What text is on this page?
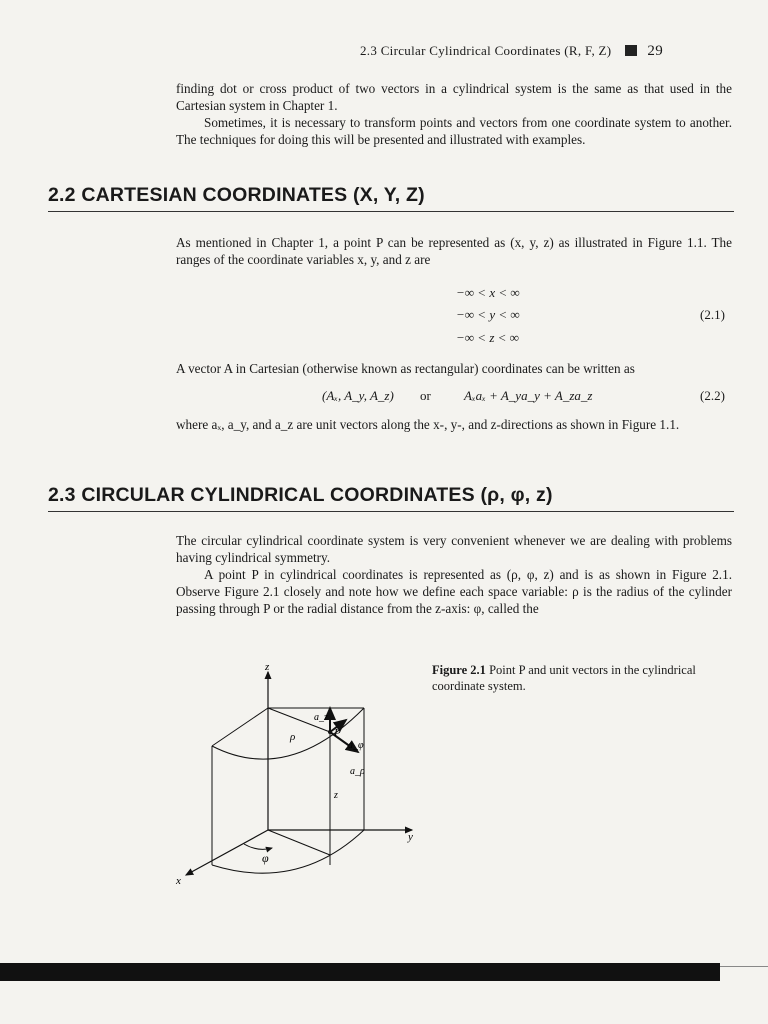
2.3 Circular Cylindrical Coordinates (R, F, Z) 29

finding dot or cross product of two vectors in a cylindrical system is the same as that used in the Cartesian system in Chapter 1.

Sometimes, it is necessary to transform points and vectors from one coordinate system to another. The techniques for doing this will be presented and illustrated with examples.

2.2 CARTESIAN COORDINATES (X, Y, Z)
As mentioned in Chapter 1, a point P can be represented as (x, y, z) as illustrated in Figure 1.1. The ranges of the coordinate variables x, y, and z are
−∞ < x < ∞
−∞ < y < ∞	(2.1)
−∞ < z < ∞
A vector A in Cartesian (otherwise known as rectangular) coordinates can be written as
(Aₓ, A_y, A_z) or	Aₓaₓ + A_ya_y + A_za_z	(2.2)
where aₓ, a_y, and a_z are unit vectors along the x-, y-, and z-directions as shown in Figure 1.1.
2.3 CIRCULAR CYLINDRICAL COORDINATES (ρ, φ, z)

The circular cylindrical coordinate system is very convenient whenever we are dealing with problems having cylindrical symmetry.

A point P in cylindrical coordinates is represented as (ρ, φ, z) and is as shown in Figure 2.1. Observe Figure 2.1 closely and note how we define each space variable: ρ is the radius of the cylinder passing through P or the radial distance from the z-axis: φ, called the

Figure 2.1 Point P and unit vectors in the cylindrical coordinate system.
z
y
x
ρ	P
a_z
a_φ
a_ρ
z
φ
